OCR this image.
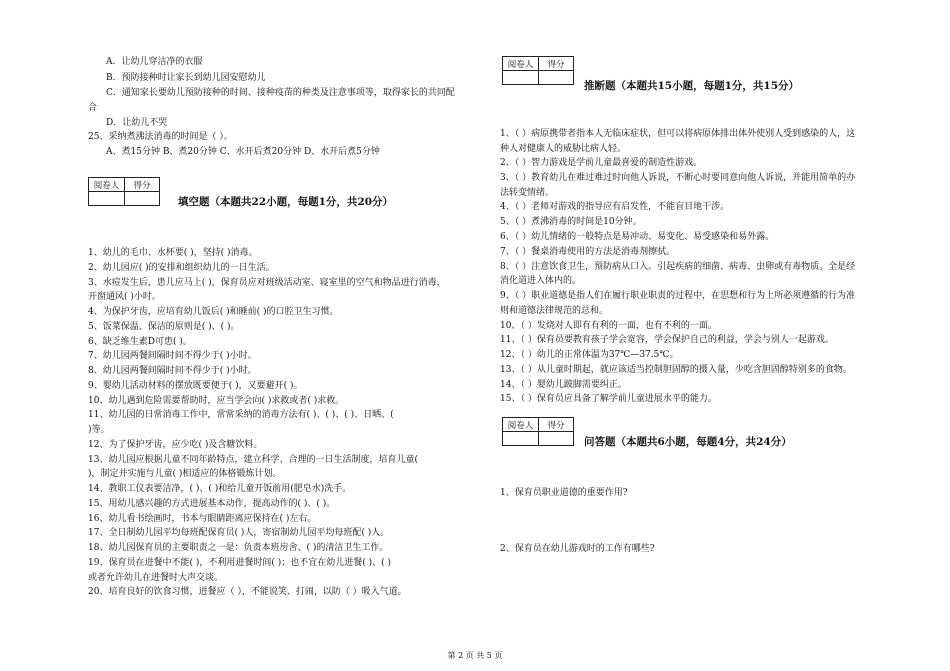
A．让幼儿穿洁净的衣服
B．预防接种时让家长到幼儿园安慰幼儿
C．通知家长要幼儿预防接种的时间、接种疫苗的种类及注意事项等，取得家长的共同配
合
D．让幼儿不哭
25、采纳煮沸法消毒的时间是（ ）。
A、煮15分钟 B、煮20分钟 C、水开后煮20分钟 D、水开后煮5分钟
阅卷人	得分

填空题（本题共22小题，每题1分，共20分）
1、幼儿的毛巾、水杯要( )，坚持( )消毒。
2、幼儿园应( )的安排和组织幼儿的一日生活。
3、水痘发生后，患儿应马上( )，保育员应对班级活动室、寝室里的空气和物品进行消毒，
开窗通风( )小时。
4、为保护牙齿，应培育幼儿饭后( )和睡前( )的口腔卫生习惯。
5、饭菜保温、保洁的原则是( )、( )。
6、缺乏维生素D可患( )。
7、幼儿园两餐间隔时间不得少于( )小时。
8、幼儿园两餐间隔时间不得少于( )小时。
9、婴幼儿活动材料的摆放既要便于( )，又要避开( )。
10、幼儿遇到危险需要帮助时，应当学会向( )求救或者( )求救。
11、幼儿园的日常消毒工作中，常常采纳的消毒方法有( )、( )、( )、日晒、(
)等。
12、为了保护牙齿，应少吃( )及含糖饮料。
13、幼儿园应根据儿童不同年龄特点，建立科学、合理的一日生活制度，培育儿童(
)，制定并实施与儿童( )相适应的体格锻炼计划。
14、教职工仪表要洁净，( )、( )和给儿童开饭前用(肥皂水)洗手。
15、用幼儿感兴趣的方式进展基本动作，提高动作的( )、( )。
16、幼儿看书绘画时，书本与眼睛距离应保持在( )左右。
17、全日制幼儿园平均每班配保育员( )人，寄宿制幼儿园平均每班配( )人。
18、幼儿园保育员的主要职责之一是：负责本班房舍、( )的清洁卫生工作。
19、保育员在进餐中不能( )，不利用进餐时间( )；也不宜在幼儿进餐( )、( )
或者允许幼儿在进餐时大声交谈。
20、培育良好的饮食习惯，进餐应（ ），不能说笑、打闹，以防（ ）吸入气道。
阅卷人	得分

推断题（本题共15小题，每题1分，共15分）
1、（ ）病原携带者指本人无临床症状，但可以将病原体排出体外使别人受到感染的人，这
种人对健康人的威胁比病人轻。
2、（ ）智力游戏是学前儿童最喜爱的制造性游戏。
3、（ ）教育幼儿在难过难过时向他人诉说，不断心时要同意向他人诉说，并能用简单的办
法转变情绪。
4、（ ）老师对游戏的指导应有启发性，不能盲目地干涉。
5、（ ）煮沸消毒的时间是10分钟。
6、（ ）幼儿情绪的一般特点是易冲动、易变化、易受感染和易外露。
7、（ ）餐桌消毒使用的方法是消毒剂擦拭。
8、（ ）注意饮食卫生，预防病从口入。引起疾病的细菌、病毒、虫卵或有毒物质。全是经
消化道进入体内的。
9、（ ）职业道德是指人们在履行职业职责的过程中，在思想和行为上所必须遵循的行为准
则和道德法律规范的总和。
10、（ ）发烧对人即有有利的一面，也有不利的一面。
11、（ ）保育员要教育孩子学会宽容，学会保护自己的利益，学会与别人一起游戏。
12、（ ）幼儿的正常体温为37℃—37.5℃。
13、（ ）从儿童时期起，就应该适当控制胆固醇的摄入量，少吃含胆固醇特别多的食物。
14、（ ）婴幼儿跛脚需要纠正。
15、（ ）保育员应具备了解学前儿童进展水平的能力。
阅卷人	得分

问答题（本题共6小题，每题4分，共24分）
1、保育员职业道德的重要作用?
2、保育员在幼儿游戏时的工作有哪些?
第 2 页 共 5 页
